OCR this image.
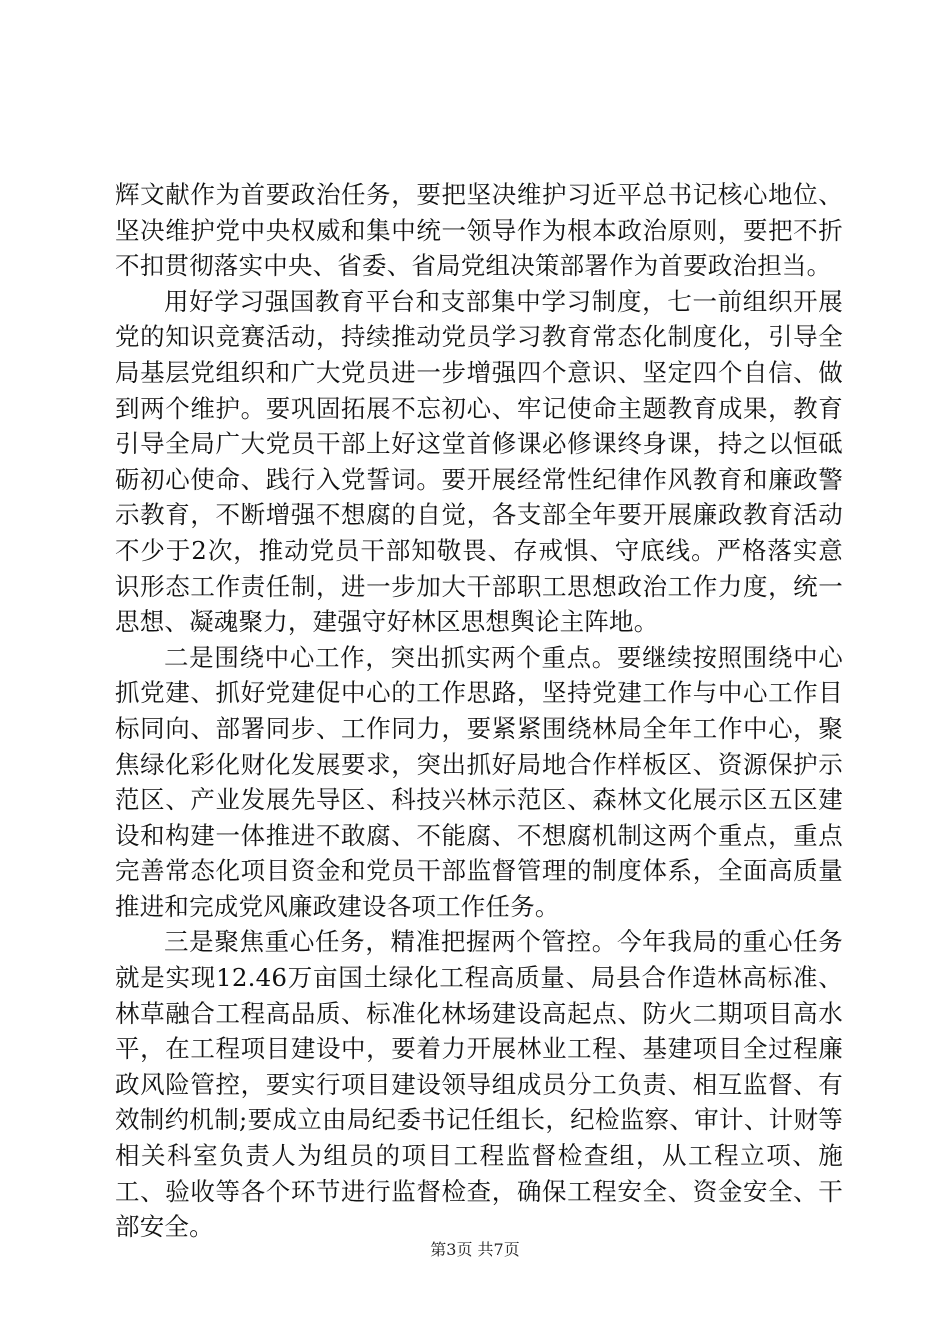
辉文献作为首要政治任务，要把坚决维护习近平总书记核心地位、坚决维护党中央权威和集中统一领导作为根本政治原则，要把不折不扣贯彻落实中央、省委、省局党组决策部署作为首要政治担当。

用好学习强国教育平台和支部集中学习制度，七一前组织开展党的知识竞赛活动，持续推动党员学习教育常态化制度化，引导全局基层党组织和广大党员进一步增强四个意识、坚定四个自信、做到两个维护。要巩固拓展不忘初心、牢记使命主题教育成果，教育引导全局广大党员干部上好这堂首修课必修课终身课，持之以恒砥砺初心使命、践行入党誓词。要开展经常性纪律作风教育和廉政警示教育，不断增强不想腐的自觉，各支部全年要开展廉政教育活动不少于2次，推动党员干部知敬畏、存戒惧、守底线。严格落实意识形态工作责任制，进一步加大干部职工思想政治工作力度，统一思想、凝魂聚力，建强守好林区思想舆论主阵地。

二是围绕中心工作，突出抓实两个重点。要继续按照围绕中心抓党建、抓好党建促中心的工作思路，坚持党建工作与中心工作目标同向、部署同步、工作同力，要紧紧围绕林局全年工作中心，聚焦绿化彩化财化发展要求，突出抓好局地合作样板区、资源保护示范区、产业发展先导区、科技兴林示范区、森林文化展示区五区建设和构建一体推进不敢腐、不能腐、不想腐机制这两个重点，重点完善常态化项目资金和党员干部监督管理的制度体系，全面高质量推进和完成党风廉政建设各项工作任务。

三是聚焦重心任务，精准把握两个管控。今年我局的重心任务就是实现12.46万亩国土绿化工程高质量、局县合作造林高标准、林草融合工程高品质、标准化林场建设高起点、防火二期项目高水平，在工程项目建设中，要着力开展林业工程、基建项目全过程廉政风险管控，要实行项目建设领导组成员分工负责、相互监督、有效制约机制;要成立由局纪委书记任组长，纪检监察、审计、计财等相关科室负责人为组员的项目工程监督检查组，从工程立项、施工、验收等各个环节进行监督检查，确保工程安全、资金安全、干部安全。

第3页 共7页
